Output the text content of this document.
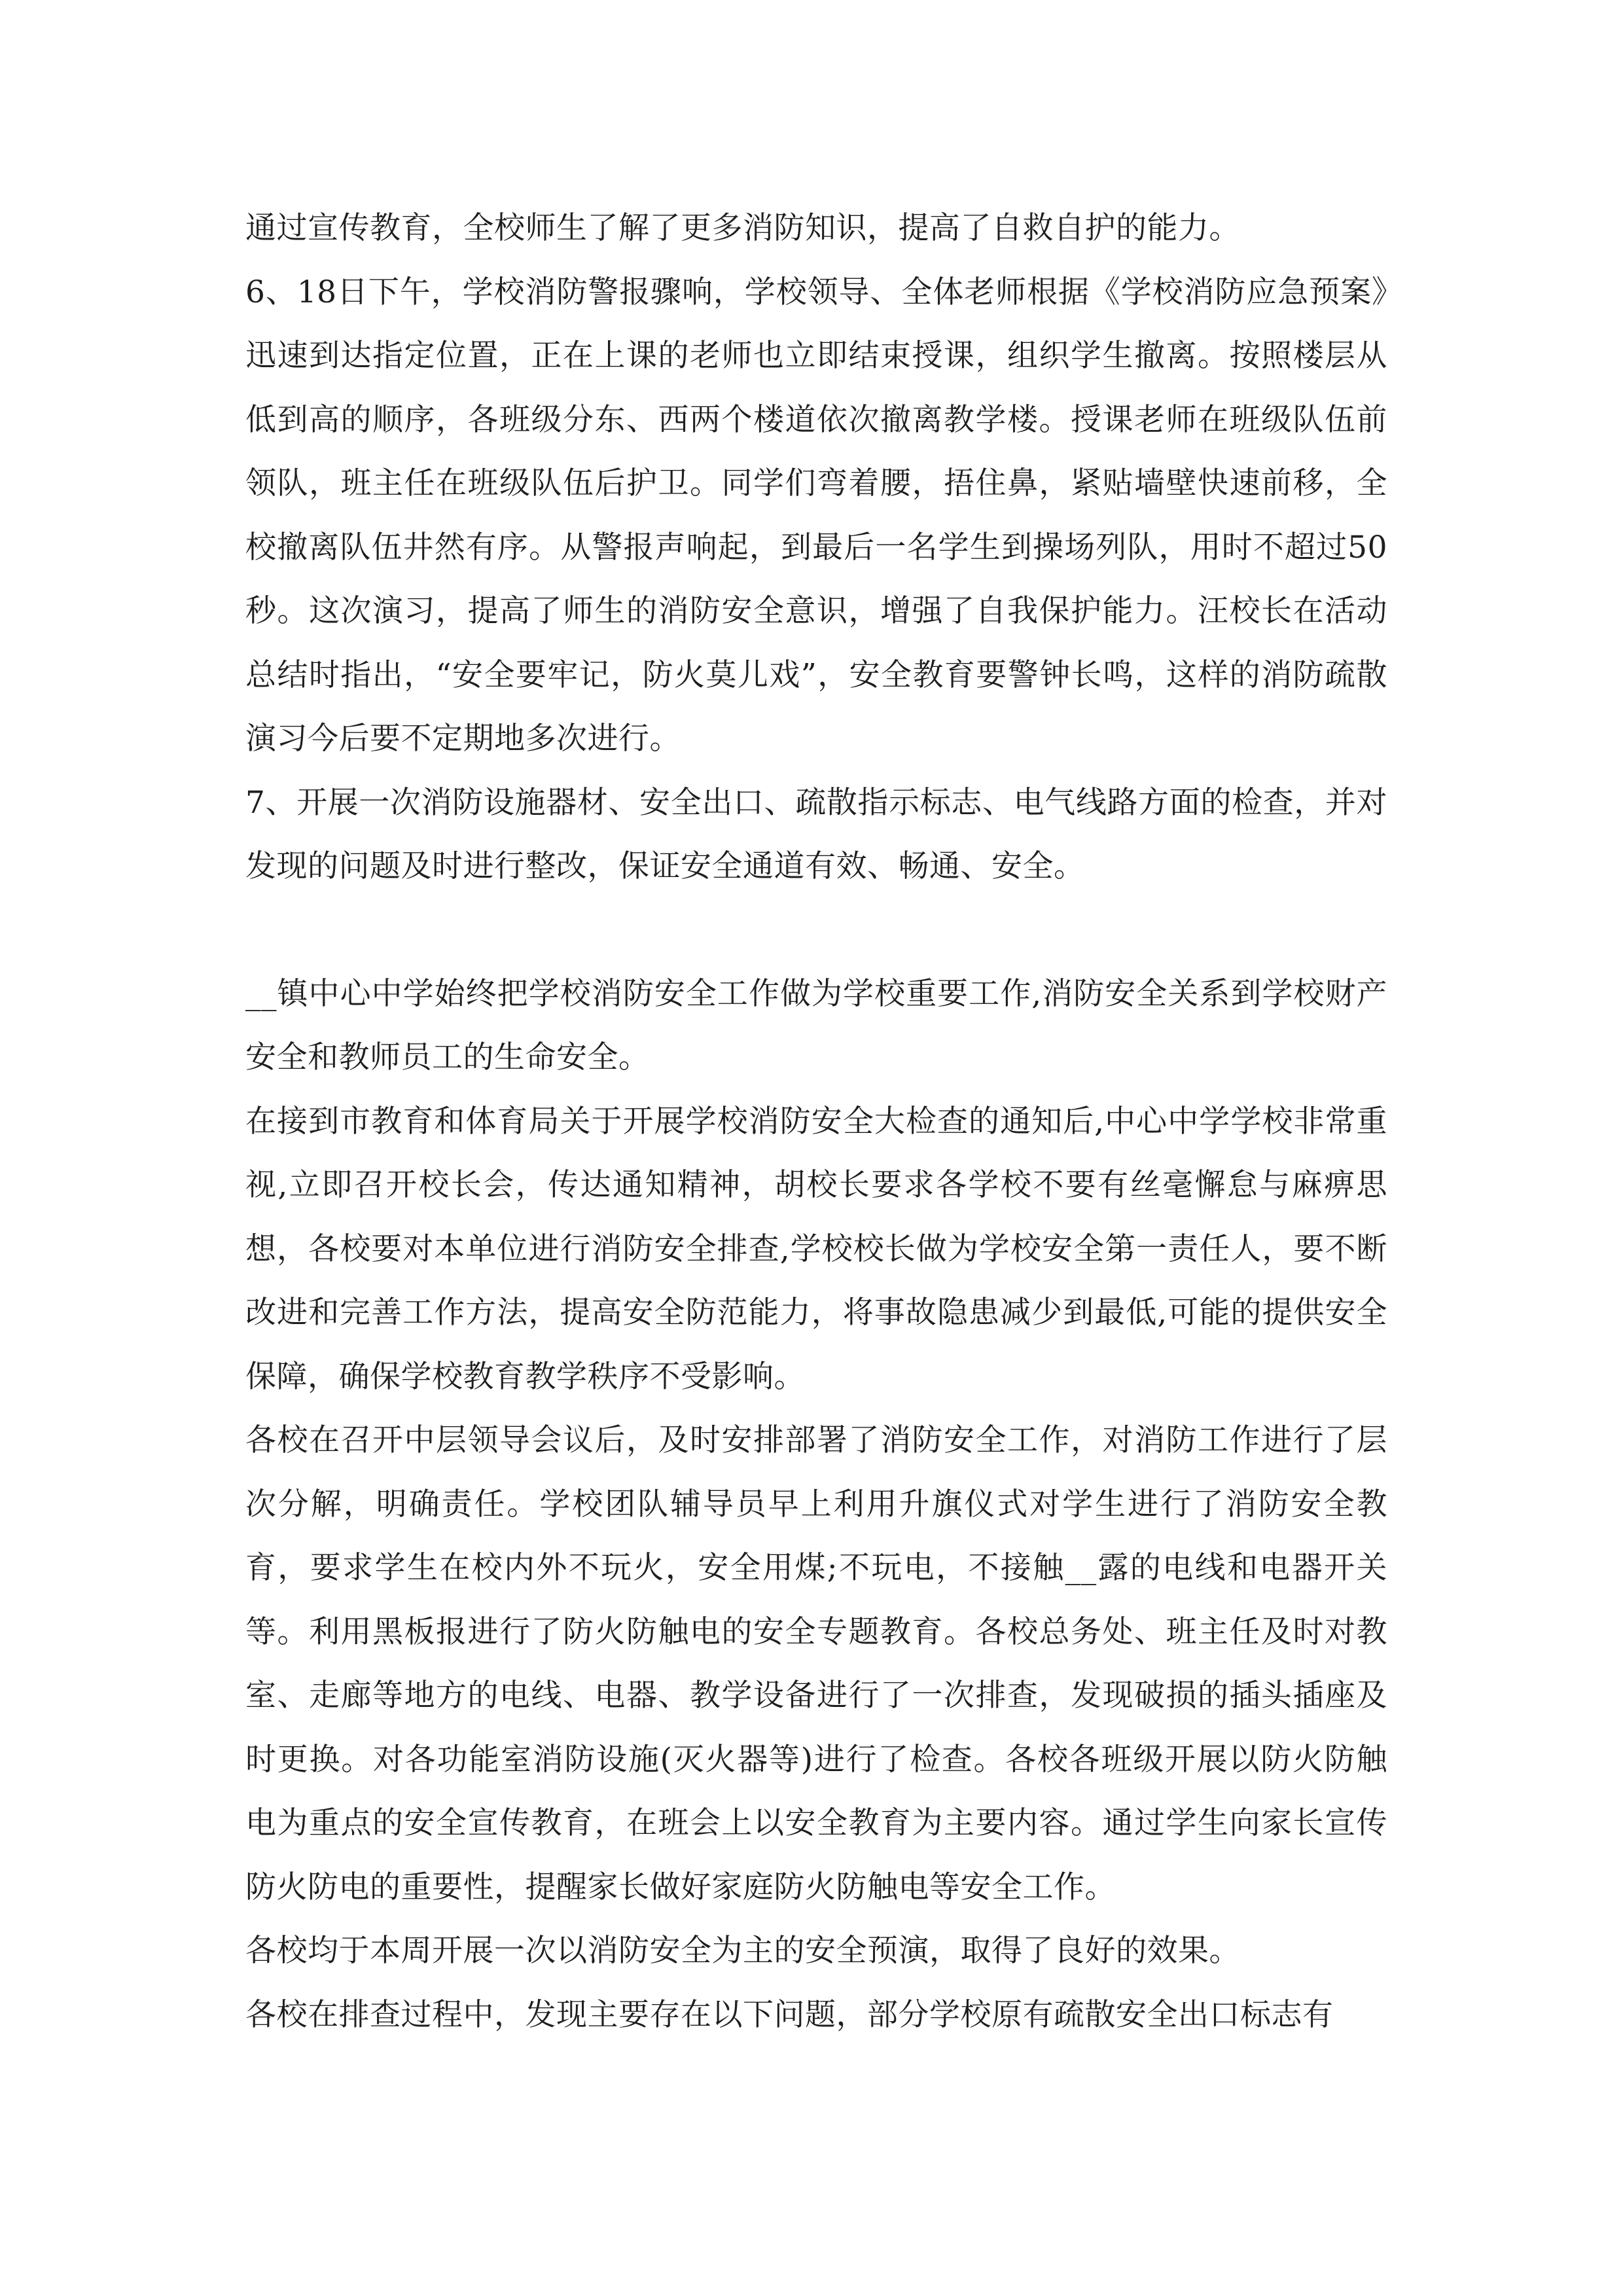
通过宣传教育，全校师生了解了更多消防知识，提高了自救自护的能力。

6、18日下午，学校消防警报骤响，学校领导、全体老师根据《学校消防应急预案》迅速到达指定位置，正在上课的老师也立即结束授课，组织学生撤离。按照楼层从低到高的顺序，各班级分东、西两个楼道依次撤离教学楼。授课老师在班级队伍前领队，班主任在班级队伍后护卫。同学们弯着腰，捂住鼻，紧贴墙壁快速前移，全校撤离队伍井然有序。从警报声响起，到最后一名学生到操场列队，用时不超过50秒。这次演习，提高了师生的消防安全意识，增强了自我保护能力。汪校长在活动总结时指出，“安全要牢记，防火莫儿戏”，安全教育要警钟长鸣，这样的消防疏散演习今后要不定期地多次进行。

7、开展一次消防设施器材、安全出口、疏散指示标志、电气线路方面的检查，并对发现的问题及时进行整改，保证安全通道有效、畅通、安全。

__镇中心中学始终把学校消防安全工作做为学校重要工作,消防安全关系到学校财产安全和教师员工的生命安全。

在接到市教育和体育局关于开展学校消防安全大检查的通知后,中心中学学校非常重视,立即召开校长会，传达通知精神，胡校长要求各学校不要有丝毫懈怠与麻痹思想，各校要对本单位进行消防安全排查,学校校长做为学校安全第一责任人，要不断改进和完善工作方法，提高安全防范能力，将事故隐患减少到最低,可能的提供安全保障，确保学校教育教学秩序不受影响。

各校在召开中层领导会议后，及时安排部署了消防安全工作，对消防工作进行了层次分解，明确责任。学校团队辅导员早上利用升旗仪式对学生进行了消防安全教育，要求学生在校内外不玩火，安全用煤;不玩电，不接触__露的电线和电器开关等。利用黑板报进行了防火防触电的安全专题教育。各校总务处、班主任及时对教室、走廊等地方的电线、电器、教学设备进行了一次排查，发现破损的插头插座及时更换。对各功能室消防设施(灭火器等)进行了检查。各校各班级开展以防火防触电为重点的安全宣传教育，在班会上以安全教育为主要内容。通过学生向家长宣传防火防电的重要性，提醒家长做好家庭防火防触电等安全工作。

各校均于本周开展一次以消防安全为主的安全预演，取得了良好的效果。

各校在排查过程中，发现主要存在以下问题，部分学校原有疏散安全出口标志有
